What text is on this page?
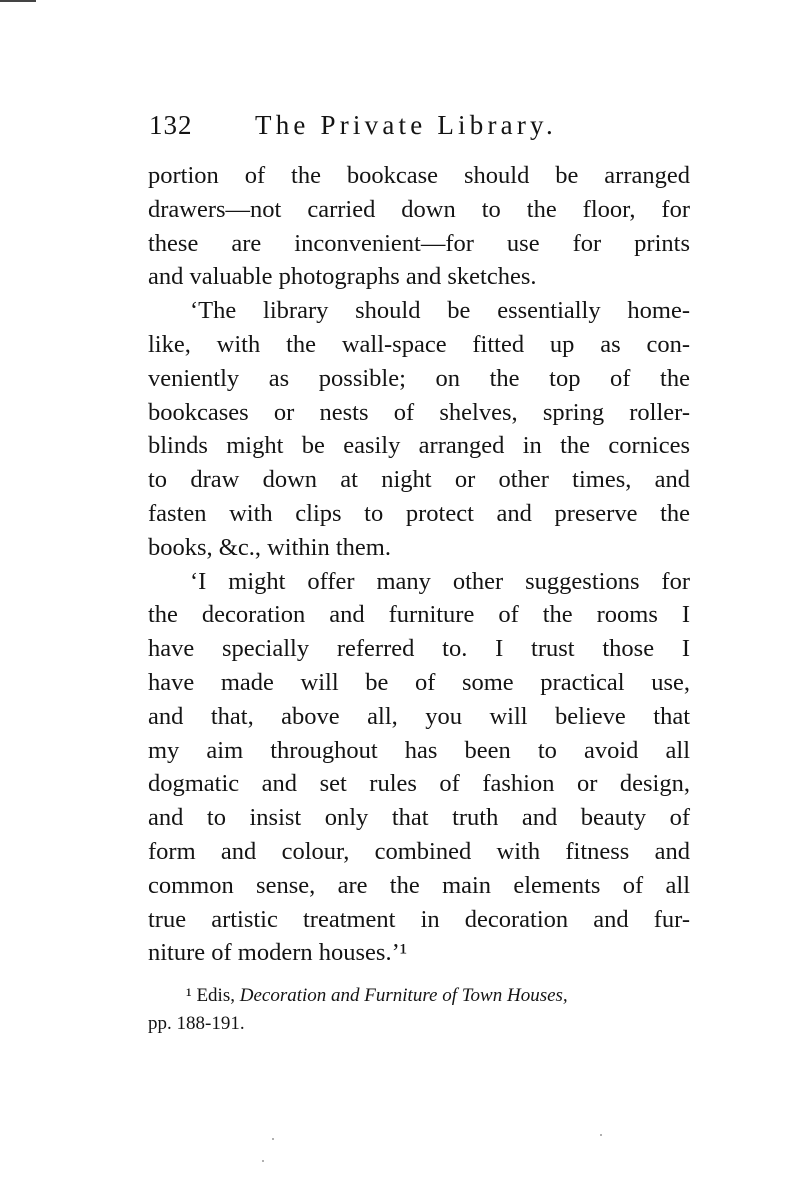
132 The Private Library.
portion of the bookcase should be arranged
drawers—not carried down to the floor, for
these are inconvenient—for use for prints
and valuable photographs and sketches.
‘The library should be essentially home-
like, with the wall-space fitted up as con-
veniently as possible; on the top of the
bookcases or nests of shelves, spring roller-
blinds might be easily arranged in the cornices
to draw down at night or other times, and
fasten with clips to protect and preserve the
books, &c., within them.
‘I might offer many other suggestions for
the decoration and furniture of the rooms I
have specially referred to. I trust those I
have made will be of some practical use,
and that, above all, you will believe that
my aim throughout has been to avoid all
dogmatic and set rules of fashion or design,
and to insist only that truth and beauty of
form and colour, combined with fitness and
common sense, are the main elements of all
true artistic treatment in decoration and fur-
niture of modern houses.’¹
¹ Edis, Decoration and Furniture of Town Houses,
pp. 188-191.
